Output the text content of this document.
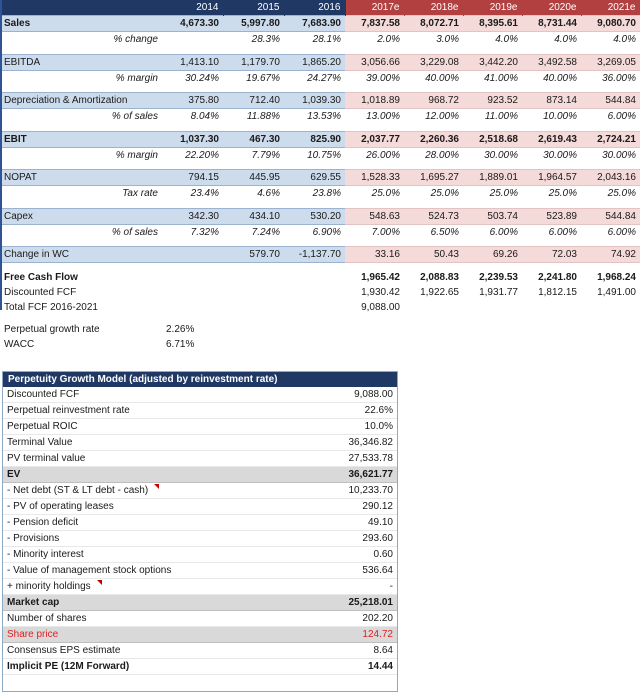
	2014	2015	2016	2017e	2018e	2019e	2020e	2021e
Sales	4,673.30	5,997.80	7,683.90	7,837.58	8,072.71	8,395.61	8,731.44	9,080.70
% change		28.3%	28.1%	2.0%	3.0%	4.0%	4.0%	4.0%

EBITDA	1,413.10	1,179.70	1,865.20	3,056.66	3,229.08	3,442.20	3,492.58	3,269.05
% margin	30.24%	19.67%	24.27%	39.00%	40.00%	41.00%	40.00%	36.00%

Depreciation & Amortization	375.80	712.40	1,039.30	1,018.89	968.72	923.52	873.14	544.84
% of sales	8.04%	11.88%	13.53%	13.00%	12.00%	11.00%	10.00%	6.00%

EBIT	1,037.30	467.30	825.90	2,037.77	2,260.36	2,518.68	2,619.43	2,724.21
% margin	22.20%	7.79%	10.75%	26.00%	28.00%	30.00%	30.00%	30.00%

NOPAT	794.15	445.95	629.55	1,528.33	1,695.27	1,889.01	1,964.57	2,043.16
Tax rate	23.4%	4.6%	23.8%	25.0%	25.0%	25.0%	25.0%	25.0%

Capex	342.30	434.10	530.20	548.63	524.73	503.74	523.89	544.84
% of sales	7.32%	7.24%	6.90%	7.00%	6.50%	6.00%	6.00%	6.00%

Change in WC		579.70	-1,137.70	33.16	50.43	69.26	72.03	74.92

Free Cash Flow				1,965.42	2,088.83	2,239.53	2,241.80	1,968.24
Discounted FCF				1,930.42	1,922.65	1,931.77	1,812.15	1,491.00
Total FCF 2016-2021				9,088.00				

Perpetual growth rate	2.26%							
WACC	6.71%							
Perpetuity Growth Model (adjusted by reinvestment rate)
Discounted FCF	9,088.00
Perpetual reinvestment rate	22.6%
Perpetual ROIC	10.0%
Terminal Value	36,346.82
PV terminal value	27,533.78
EV	36,621.77
- Net debt (ST & LT debt - cash)	10,233.70
- PV of operating leases	290.12
- Pension deficit	49.10
- Provisions	293.60
- Minority interest	0.60
- Value of management stock options	536.64
+ minority holdings	-
Market cap	25,218.01
Number of shares	202.20
Share price	124.72
Consensus EPS estimate	8.64
Implicit PE (12M Forward)	14.44
